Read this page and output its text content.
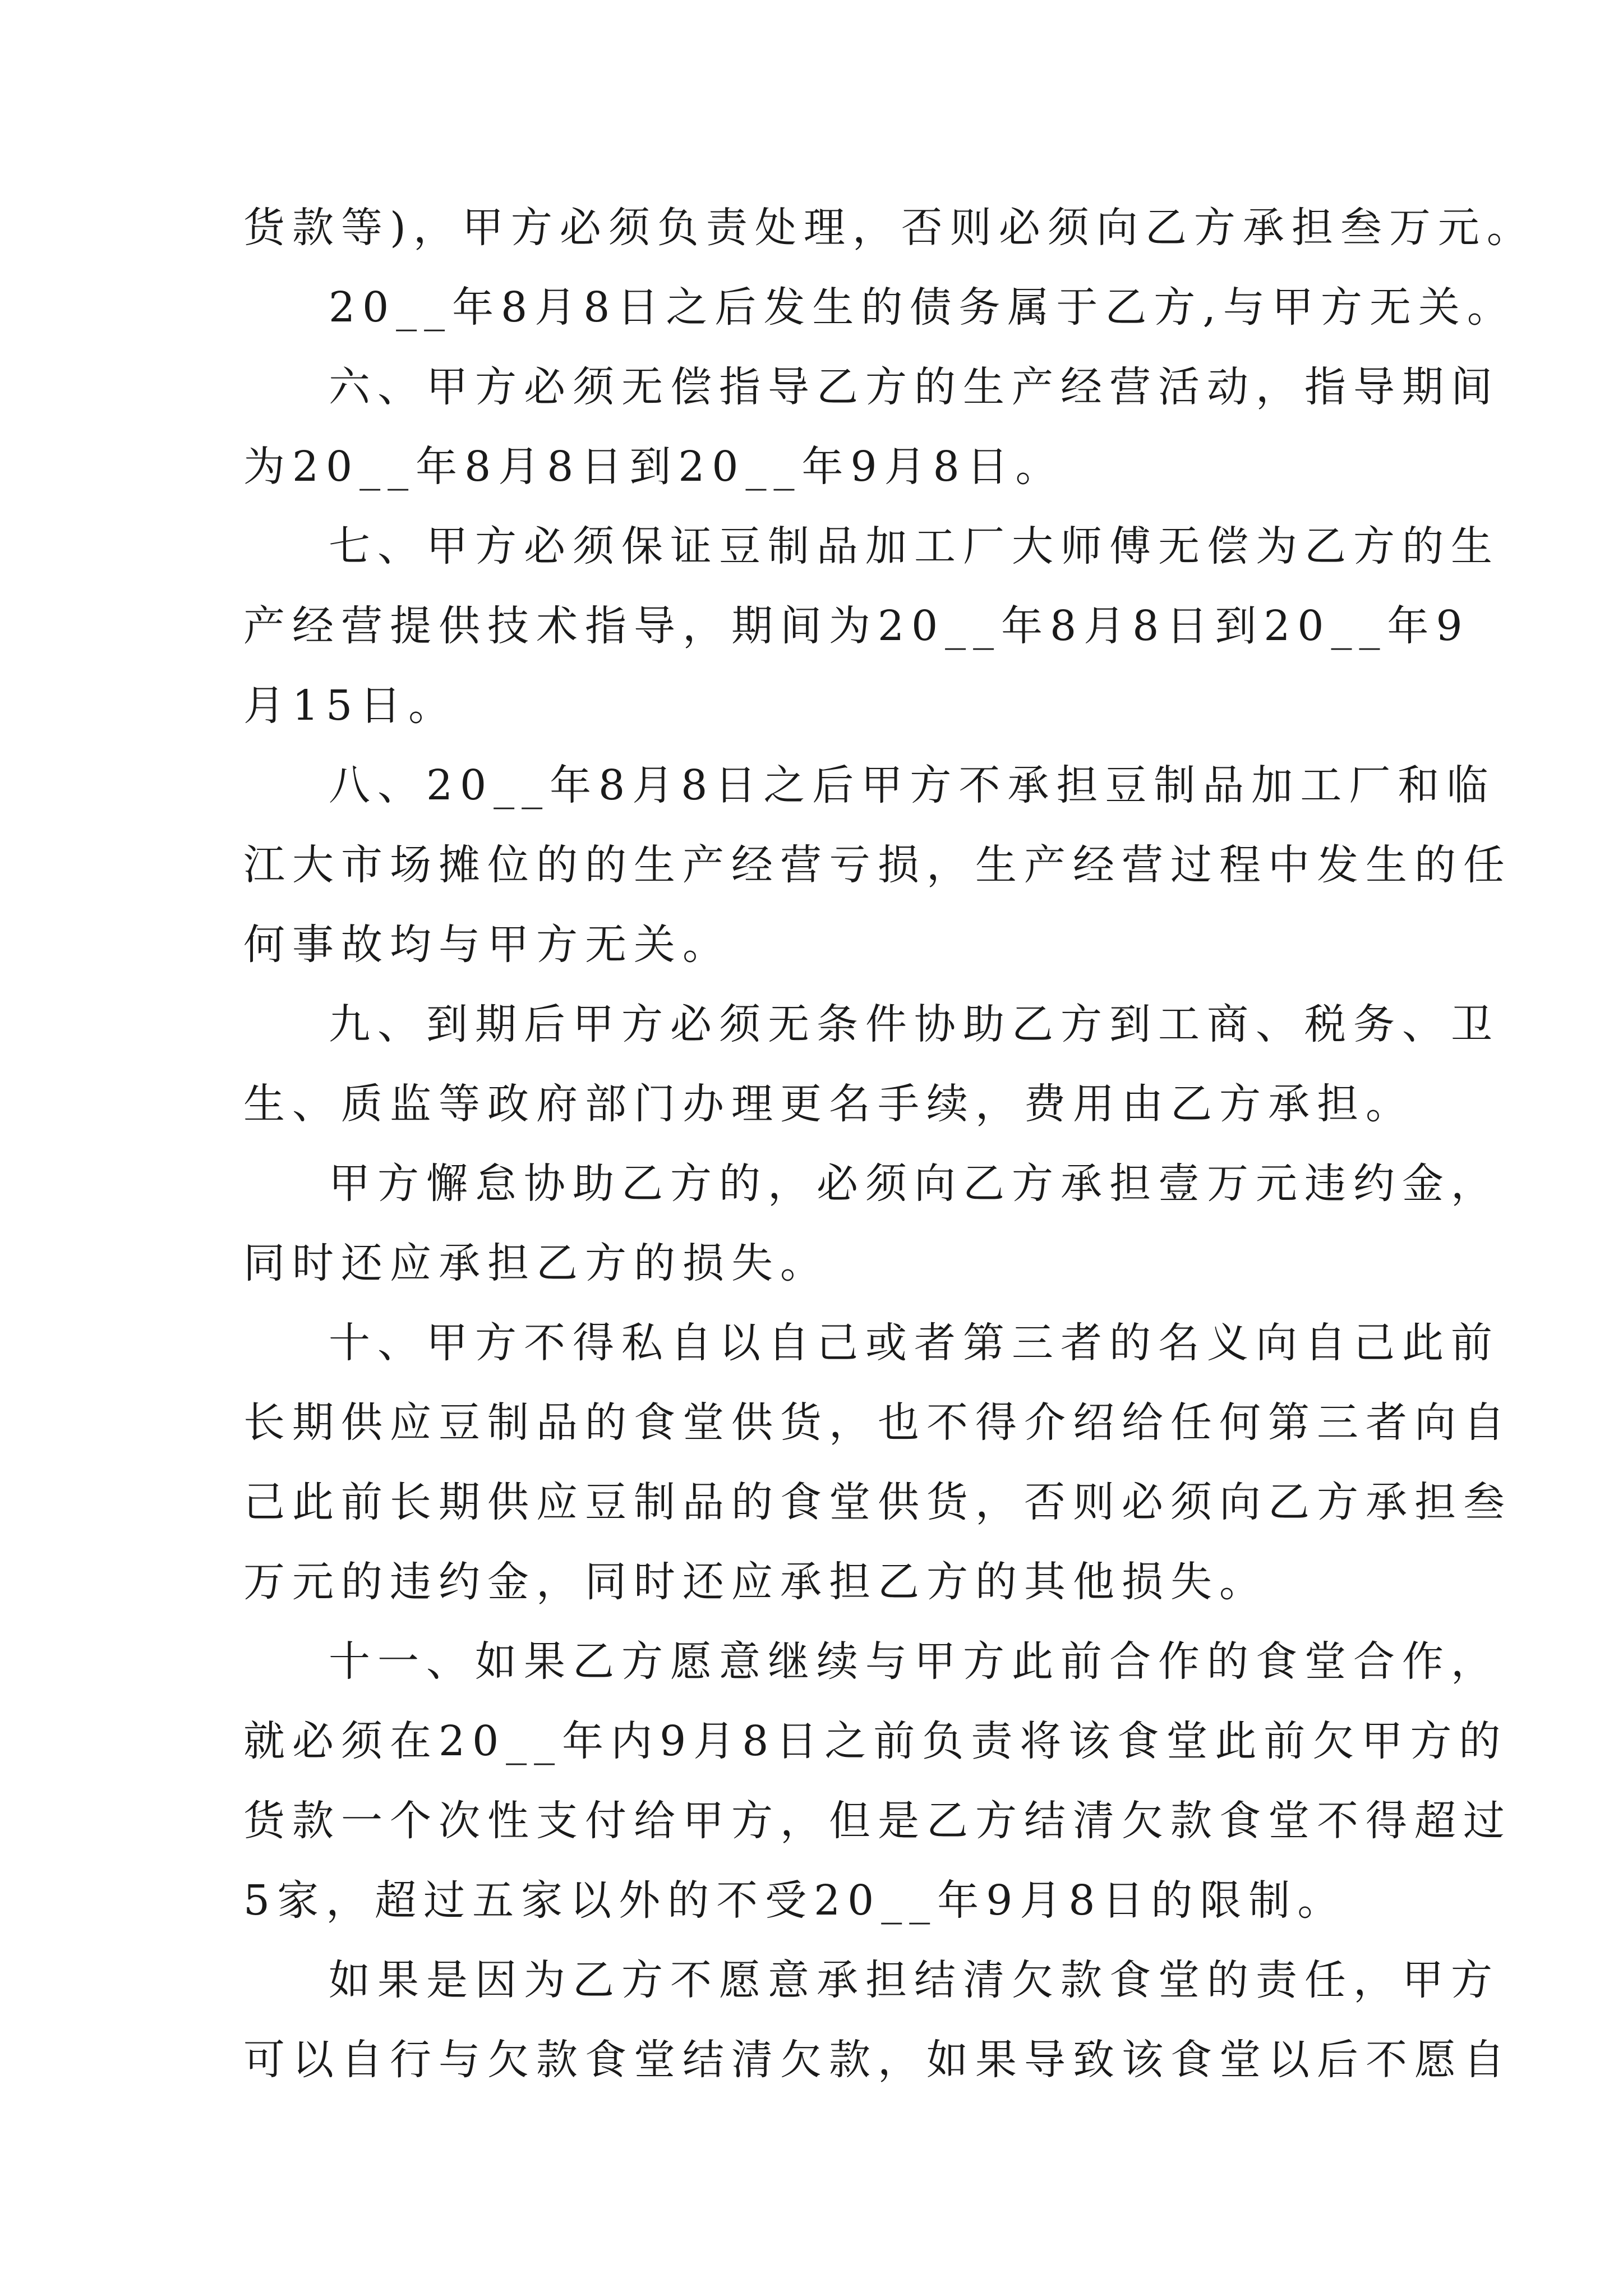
货款等)，甲方必须负责处理，否则必须向乙方承担叁万元。
20__年8月8日之后发生的债务属于乙方,与甲方无关。
六、甲方必须无偿指导乙方的生产经营活动，指导期间
为20__年8月8日到20__年9月8日。
七、甲方必须保证豆制品加工厂大师傅无偿为乙方的生
产经营提供技术指导，期间为20__年8月8日到20__年9
月15日。
八、20__年8月8日之后甲方不承担豆制品加工厂和临
江大市场摊位的的生产经营亏损，生产经营过程中发生的任
何事故均与甲方无关。
九、到期后甲方必须无条件协助乙方到工商、税务、卫
生、质监等政府部门办理更名手续，费用由乙方承担。
甲方懈怠协助乙方的，必须向乙方承担壹万元违约金，
同时还应承担乙方的损失。
十、甲方不得私自以自己或者第三者的名义向自己此前
长期供应豆制品的食堂供货，也不得介绍给任何第三者向自
己此前长期供应豆制品的食堂供货，否则必须向乙方承担叁
万元的违约金，同时还应承担乙方的其他损失。
十一、如果乙方愿意继续与甲方此前合作的食堂合作，
就必须在20__年内9月8日之前负责将该食堂此前欠甲方的
货款一个次性支付给甲方，但是乙方结清欠款食堂不得超过
5家，超过五家以外的不受20__年9月8日的限制。
如果是因为乙方不愿意承担结清欠款食堂的责任，甲方
可以自行与欠款食堂结清欠款，如果导致该食堂以后不愿自
